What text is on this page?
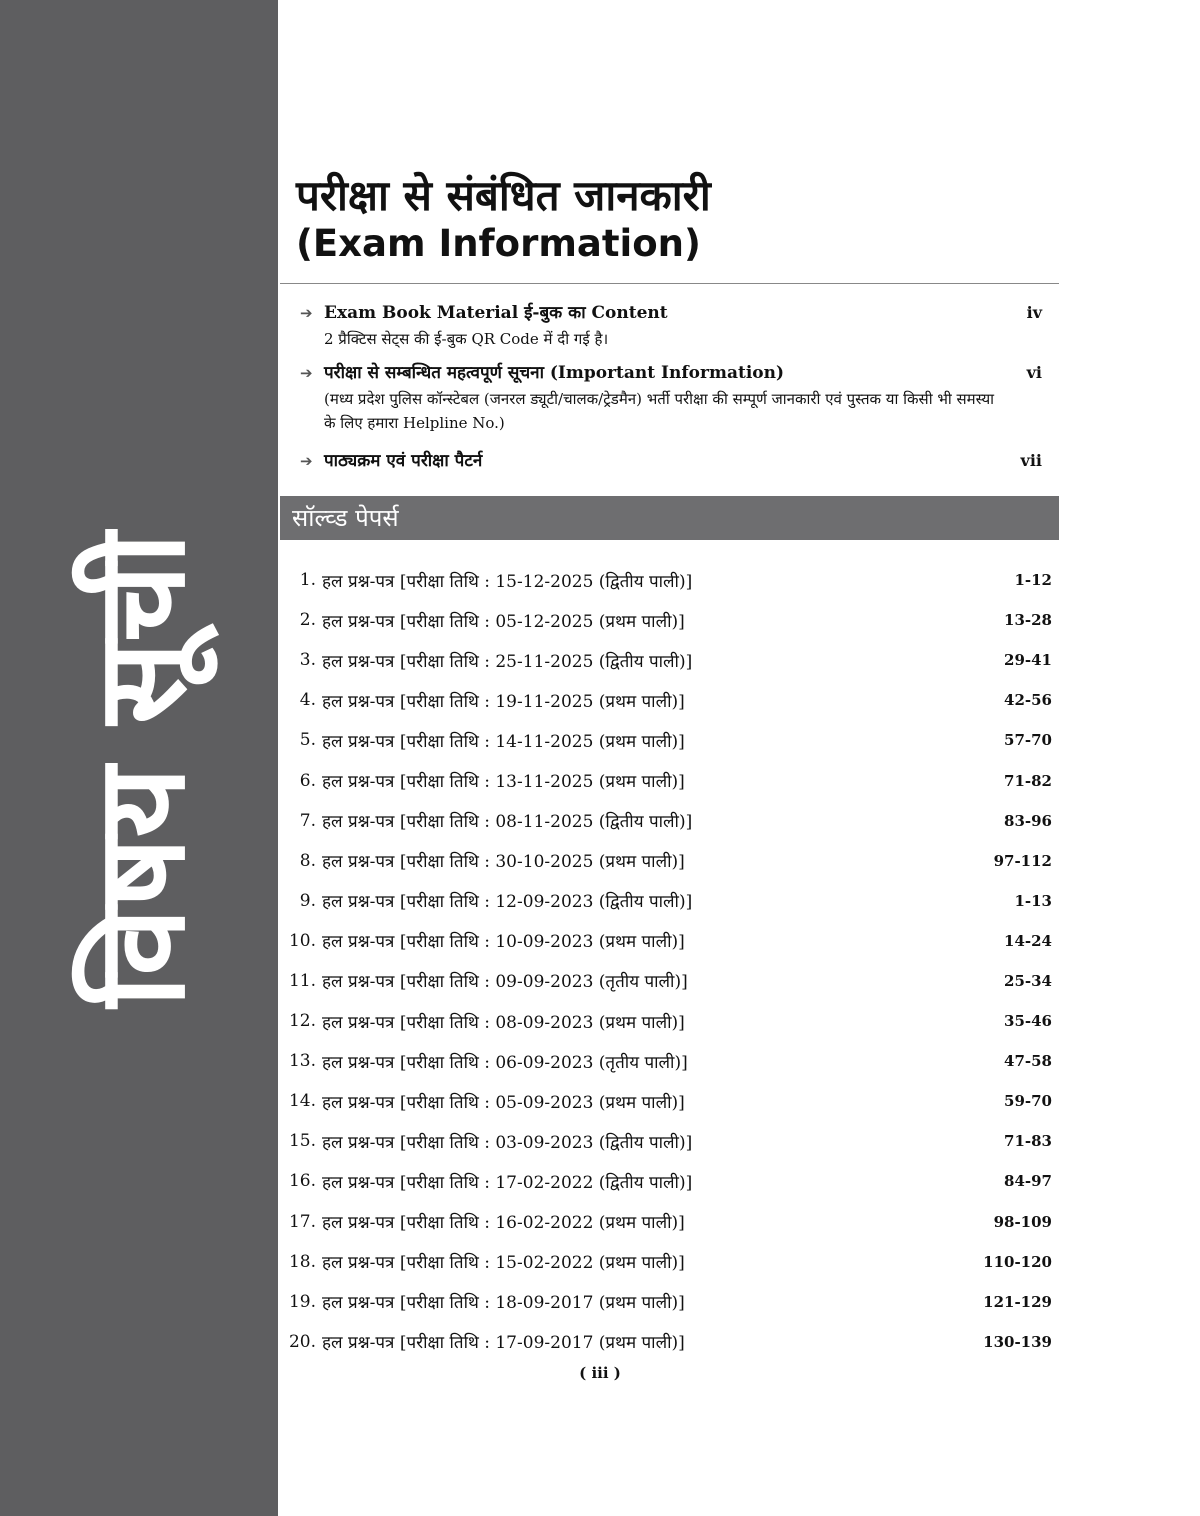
विषय सूची
परीक्षा से संबंधित जानकारी
(Exam Information)
➔ Exam Book Material ई-बुक का Content	iv
2 प्रैक्टिस सेट्स की ई-बुक QR Code में दी गई है।
➔ परीक्षा से सम्बन्धित महत्वपूर्ण सूचना (Important Information)	vi
(मध्य प्रदेश पुलिस कॉन्स्टेबल (जनरल ड्यूटी/चालक/ट्रेडमैन) भर्ती परीक्षा की सम्पूर्ण जानकारी एवं पुस्तक या किसी भी समस्या के लिए हमारा Helpline No.)
➔ पाठ्यक्रम एवं परीक्षा पैटर्न	vii
सॉल्व्ड पेपर्स
1. हल प्रश्न-पत्र [परीक्षा तिथि : 15-12-2025 (द्वितीय पाली)]	1-12
2. हल प्रश्न-पत्र [परीक्षा तिथि : 05-12-2025 (प्रथम पाली)]	13-28
3. हल प्रश्न-पत्र [परीक्षा तिथि : 25-11-2025 (द्वितीय पाली)]	29-41
4. हल प्रश्न-पत्र [परीक्षा तिथि : 19-11-2025 (प्रथम पाली)]	42-56
5. हल प्रश्न-पत्र [परीक्षा तिथि : 14-11-2025 (प्रथम पाली)]	57-70
6. हल प्रश्न-पत्र [परीक्षा तिथि : 13-11-2025 (प्रथम पाली)]	71-82
7. हल प्रश्न-पत्र [परीक्षा तिथि : 08-11-2025 (द्वितीय पाली)]	83-96
8. हल प्रश्न-पत्र [परीक्षा तिथि : 30-10-2025 (प्रथम पाली)]	97-112
9. हल प्रश्न-पत्र [परीक्षा तिथि : 12-09-2023 (द्वितीय पाली)]	1-13
10. हल प्रश्न-पत्र [परीक्षा तिथि : 10-09-2023 (प्रथम पाली)]	14-24
11. हल प्रश्न-पत्र [परीक्षा तिथि : 09-09-2023 (तृतीय पाली)]	25-34
12. हल प्रश्न-पत्र [परीक्षा तिथि : 08-09-2023 (प्रथम पाली)]	35-46
13. हल प्रश्न-पत्र [परीक्षा तिथि : 06-09-2023 (तृतीय पाली)]	47-58
14. हल प्रश्न-पत्र [परीक्षा तिथि : 05-09-2023 (प्रथम पाली)]	59-70
15. हल प्रश्न-पत्र [परीक्षा तिथि : 03-09-2023 (द्वितीय पाली)]	71-83
16. हल प्रश्न-पत्र [परीक्षा तिथि : 17-02-2022 (द्वितीय पाली)]	84-97
17. हल प्रश्न-पत्र [परीक्षा तिथि : 16-02-2022 (प्रथम पाली)]	98-109
18. हल प्रश्न-पत्र [परीक्षा तिथि : 15-02-2022 (प्रथम पाली)]	110-120
19. हल प्रश्न-पत्र [परीक्षा तिथि : 18-09-2017 (प्रथम पाली)]	121-129
20. हल प्रश्न-पत्र [परीक्षा तिथि : 17-09-2017 (प्रथम पाली)]	130-139
( iii )
